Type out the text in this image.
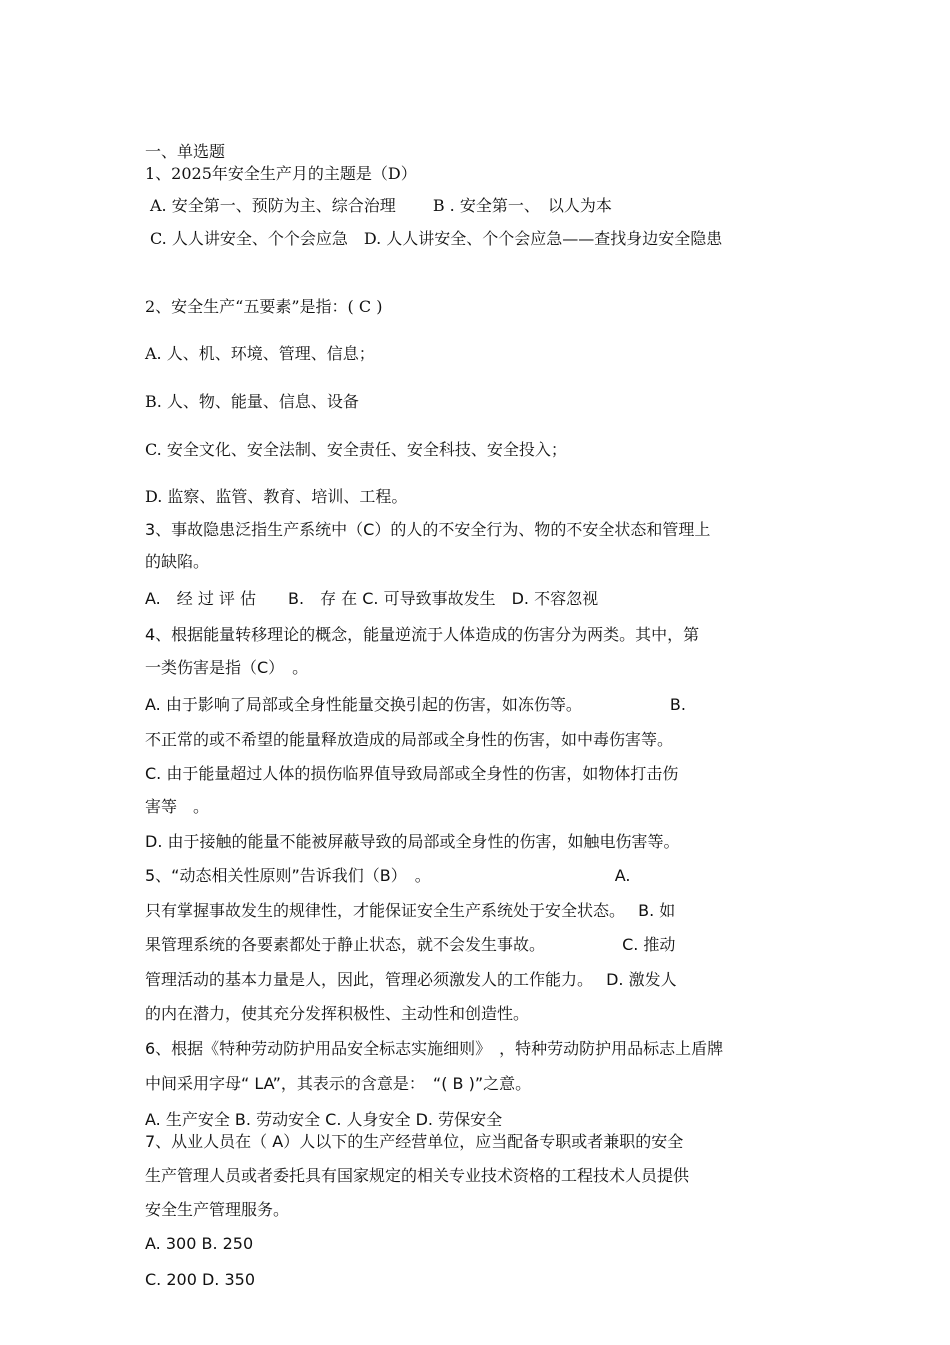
一、单选题
1、2025年安全生产月的主题是（D）
A. 安全第一、预防为主、综合治理　　 B . 安全第一、　以人为本
C. 人人讲安全、个个会应急　D. 人人讲安全、个个会应急——查找身边安全隐患
2、安全生产“五要素”是指：( C )
A. 人、机、环境、管理、信息；
B. 人、物、能量、信息、设备
C. 安全文化、安全法制、安全责任、安全科技、安全投入；
D. 监察、监管、教育、培训、工程。
3、事故隐患泛指生产系统中（C）的人的不安全行为、物的不安全状态和管理上
的缺陷。
A.　经 过 评 估　　B.　存 在 C. 可导致事故发生　D. 不容忽视
4、根据能量转移理论的概念，能量逆流于人体造成的伤害分为两类。其中，第
一类伤害是指（C）　。
A. 由于影响了局部或全身性能量交换引起的伤害，如冻伤等。　　　　　　B.
不正常的或不希望的能量释放造成的局部或全身性的伤害，如中毒伤害等。
C. 由于能量超过人体的损伤临界值导致局部或全身性的伤害，如物体打击伤
害等　。
D. 由于接触的能量不能被屏蔽导致的局部或全身性的伤害，如触电伤害等。
5、“动态相关性原则”告诉我们（B）　。　　　　　　　　　　　　A.
只有掌握事故发生的规律性，才能保证安全生产系统处于安全状态。　 B. 如
果管理系统的各要素都处于静止状态，就不会发生事故。　　　　　 C. 推动
管理活动的基本力量是人，因此，管理必须激发人的工作能力。　 D. 激发人
的内在潜力，使其充分发挥积极性、主动性和创造性。
6、根据《特种劳动防护用品安全标志实施细则》　，特种劳动防护用品标志上盾牌
中间采用字母“ LA”，其表示的含意是：　“( B )”之意。
A. 生产安全 B. 劳动安全 C. 人身安全 D. 劳保安全
7、从业人员在（ A）人以下的生产经营单位，应当配备专职或者兼职的安全
生产管理人员或者委托具有国家规定的相关专业技术资格的工程技术人员提供
安全生产管理服务。
A. 300 B. 250
C. 200 D. 350
